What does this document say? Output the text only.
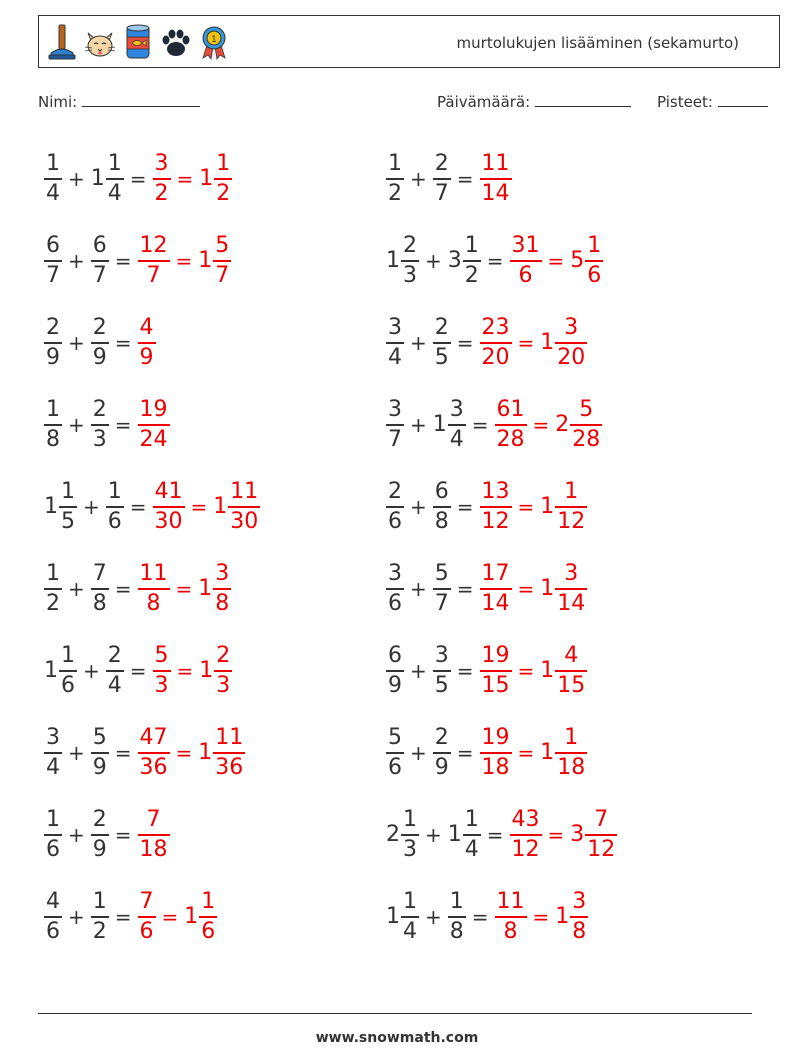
1	murtolukujen lisääminen (sekamurto)
Nimi:	Päivämäärä:	Pisteet:
$\frac{1}{4} + 1 \frac{1}{4} = \frac{3}{2} = 1 \frac{1}{2}$
$\frac{6}{7} + \frac{6}{7} = \frac{12}{7} = 1 \frac{5}{7}$
$\frac{2}{9} + \frac{2}{9} = \frac{4}{9}$
$\frac{1}{8} + \frac{2}{3} = \frac{19}{24}$
$1 \frac{1}{5} + \frac{1}{6} = \frac{41}{30} = 1 \frac{11}{30}$
$\frac{1}{2} + \frac{7}{8} = \frac{11}{8} = 1 \frac{3}{8}$
$1 \frac{1}{6} + \frac{2}{4} = \frac{5}{3} = 1 \frac{2}{3}$
$\frac{3}{4} + \frac{5}{9} = \frac{47}{36} = 1 \frac{11}{36}$
$\frac{1}{6} + \frac{2}{9} = \frac{7}{18}$
$\frac{4}{6} + \frac{1}{2} = \frac{7}{6} = 1 \frac{1}{6}$
$\frac{1}{2} + \frac{2}{7} = \frac{11}{14}$
$1 \frac{2}{3} + 3 \frac{1}{2} = \frac{31}{6} = 5 \frac{1}{6}$
$\frac{3}{4} + \frac{2}{5} = \frac{23}{20} = 1 \frac{3}{20}$
$\frac{3}{7} + 1 \frac{3}{4} = \frac{61}{28} = 2 \frac{5}{28}$
$\frac{2}{6} + \frac{6}{8} = \frac{13}{12} = 1 \frac{1}{12}$
$\frac{3}{6} + \frac{5}{7} = \frac{17}{14} = 1 \frac{3}{14}$
$\frac{6}{9} + \frac{3}{5} = \frac{19}{15} = 1 \frac{4}{15}$
$\frac{5}{6} + \frac{2}{9} = \frac{19}{18} = 1 \frac{1}{18}$
$2 \frac{1}{3} + 1 \frac{1}{4} = \frac{43}{12} = 3 \frac{7}{12}$
$1 \frac{1}{4} + \frac{1}{8} = \frac{11}{8} = 1 \frac{3}{8}$
www.snowmath.com
